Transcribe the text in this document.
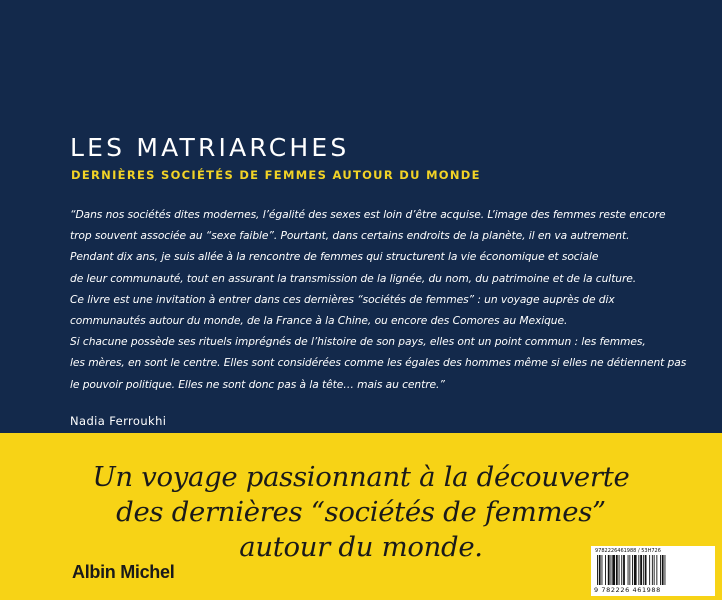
LES MATRIARCHES
DERNIÈRES SOCIÉTÉS DE FEMMES AUTOUR DU MONDE
“Dans nos sociétés dites modernes, l’égalité des sexes est loin d’être acquise. L’image des femmes reste encore
trop souvent associée au “sexe faible”. Pourtant, dans certains endroits de la planète, il en va autrement.
Pendant dix ans, je suis allée à la rencontre de femmes qui structurent la vie économique et sociale
de leur communauté, tout en assurant la transmission de la lignée, du nom, du patrimoine et de la culture.
Ce livre est une invitation à entrer dans ces dernières “sociétés de femmes” : un voyage auprès de dix
communautés autour du monde, de la France à la Chine, ou encore des Comores au Mexique.
Si chacune possède ses rituels imprégnés de l’histoire de son pays, elles ont un point commun : les femmes,
les mères, en sont le centre. Elles sont considérées comme les égales des hommes même si elles ne détiennent pas
le pouvoir politique. Elles ne sont donc pas à la tête… mais au centre.”
Nadia Ferroukhi
Un voyage passionnant à la découverte
des dernières “sociétés de femmes”
autour du monde.
Albin Michel
9782226461988 / 53H726
9 782226 461988
